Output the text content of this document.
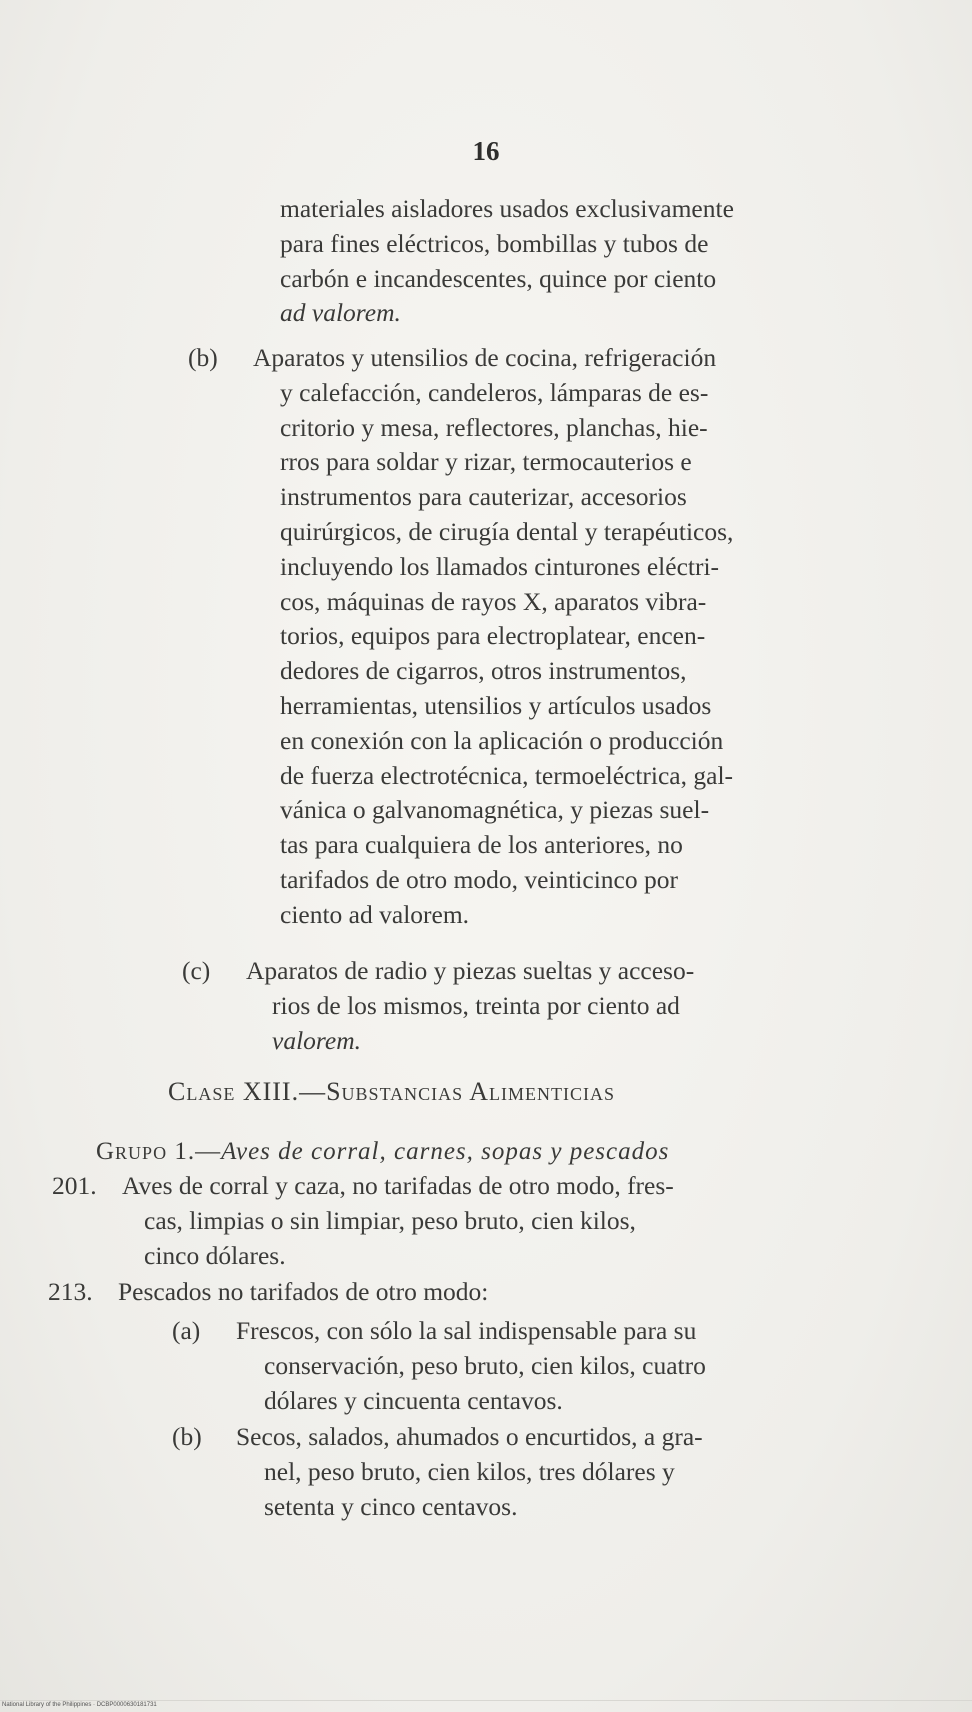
16
materiales aisladores usados exclusivamente
para fines eléctricos, bombillas y tubos de
carbón e incandescentes, quince por ciento
ad valorem.
(b) Aparatos y utensilios de cocina, refrigeración
y calefacción, candeleros, lámparas de es-
critorio y mesa, reflectores, planchas, hie-
rros para soldar y rizar, termocauterios e
instrumentos para cauterizar, accesorios
quirúrgicos, de cirugía dental y terapéuticos,
incluyendo los llamados cinturones eléctri-
cos, máquinas de rayos X, aparatos vibra-
torios, equipos para electroplatear, encen-
dedores de cigarros, otros instrumentos,
herramientas, utensilios y artículos usados
en conexión con la aplicación o producción
de fuerza electrotécnica, termoeléctrica, gal-
vánica o galvanomagnética, y piezas suel-
tas para cualquiera de los anteriores, no
tarifados de otro modo, veinticinco por
ciento ad valorem.
(c) Aparatos de radio y piezas sueltas y acceso-
rios de los mismos, treinta por ciento ad
valorem.
Clase XIII.—Substancias Alimenticias
Grupo 1.—Aves de corral, carnes, sopas y pescados
201. Aves de corral y caza, no tarifadas de otro modo, fres-
cas, limpias o sin limpiar, peso bruto, cien kilos,
cinco dólares.
213. Pescados no tarifados de otro modo:
(a) Frescos, con sólo la sal indispensable para su
conservación, peso bruto, cien kilos, cuatro
dólares y cincuenta centavos.
(b) Secos, salados, ahumados o encurtidos, a gra-
nel, peso bruto, cien kilos, tres dólares y
setenta y cinco centavos.
National Library of the Philippines · DCBP0000630181731
